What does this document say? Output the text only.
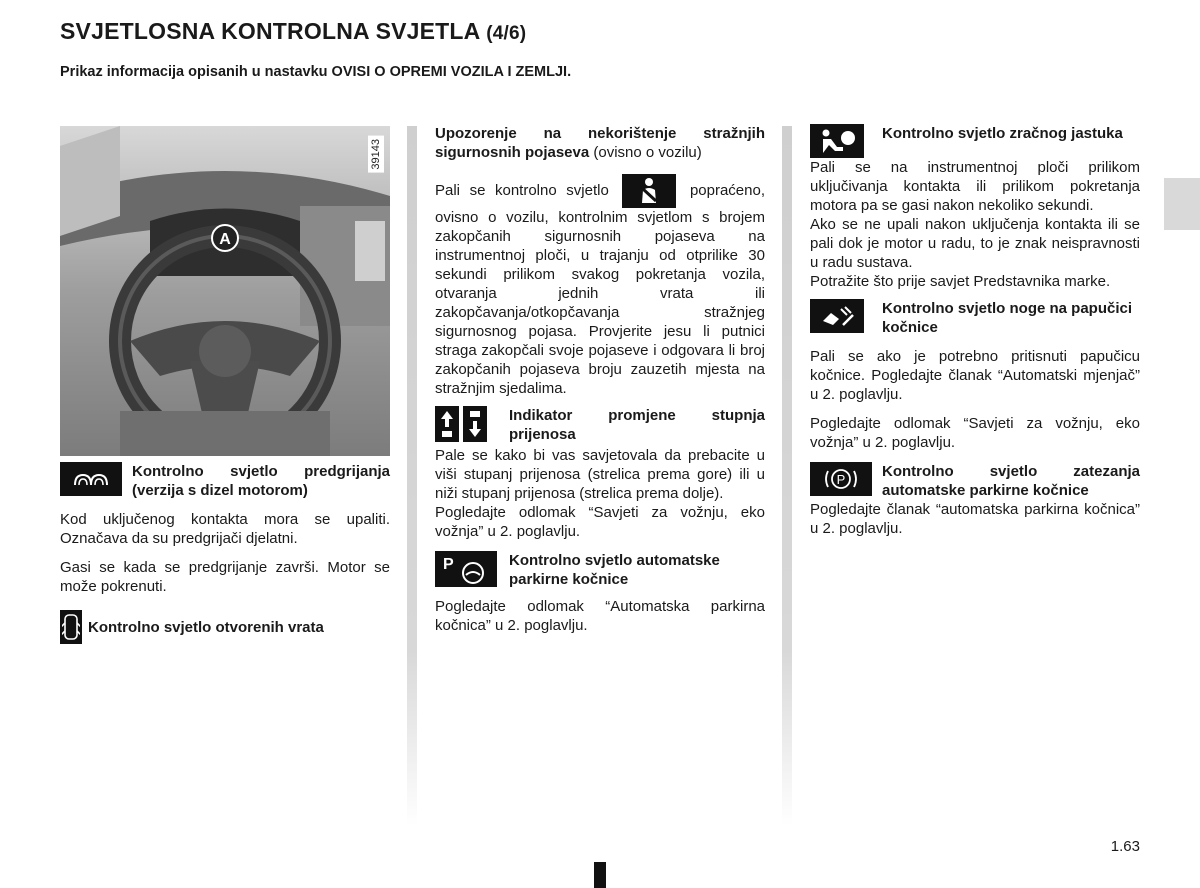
SVJETLOSNA KONTROLNA SVJETLA (4/6)
Prikaz informacija opisanih u nastavku OVISI O OPREMI VOZILA I ZEMLJI.
A
39143
Kontrolno svjetlo predgrijanja (verzija s dizel motorom)

Kod uključenog kontakta mora se upaliti. Označava da su predgrijači djelatni.

Gasi se kada se predgrijanje završi. Motor se može pokrenuti.

Kontrolno svjetlo otvorenih vrata

Upozorenje na nekorištenje stražnjih sigurnosnih pojaseva (ovisno o vozilu)

Pali se kontrolno svjetlo	popraćeno, ovisno o vozilu, kontrolnim svjetlom s brojem zakopčanih sigurnosnih pojaseva na instrumentnoj ploči, u trajanju od otprilike 30 sekundi prilikom svakog pokretanja vozila, otvaranja jednih vrata ili zakopčavanja/otkopčavanja stražnjeg sigurnosnog pojasa. Provjerite jesu li putnici straga zakopčali svoje pojaseve i odgovara li broj zakopčanih pojaseva broju zauzetih mjesta na stražnjim sjedalima.

Indikator promjene stupnja prijenosa

Pale se kako bi vas savjetovala da prebacite u viši stupanj prijenosa (strelica prema gore) ili u niži stupanj prijenosa (strelica prema dolje).

Pogledajte odlomak “Savjeti za vožnju, eko vožnja” u 2. poglavlju.

P	Kontrolno svjetlo automatske parkirne kočnice

Pogledajte odlomak “Automatska parkirna kočnica” u 2. poglavlju.

Kontrolno svjetlo zračnog jastuka

Pali se na instrumentnoj ploči prilikom uključivanja kontakta ili prilikom pokretanja motora pa se gasi nakon nekoliko sekundi.

Ako se ne upali nakon uključenja kontakta ili se pali dok je motor u radu, to je znak neispravnosti u radu sustava.

Potražite što prije savjet Predstavnika marke.

Kontrolno svjetlo noge na papučici kočnice

Pali se ako je potrebno pritisnuti papučicu kočnice. Pogledajte članak “Automatski mjenjač” u 2. poglavlju.

Pogledajte odlomak “Savjeti za vožnju, eko vožnja” u 2. poglavlju.

P Kontrolno svjetlo zatezanja automatske parkirne kočnice

Pogledajte članak “automatska parkirna kočnica” u 2. poglavlju.

1.63
